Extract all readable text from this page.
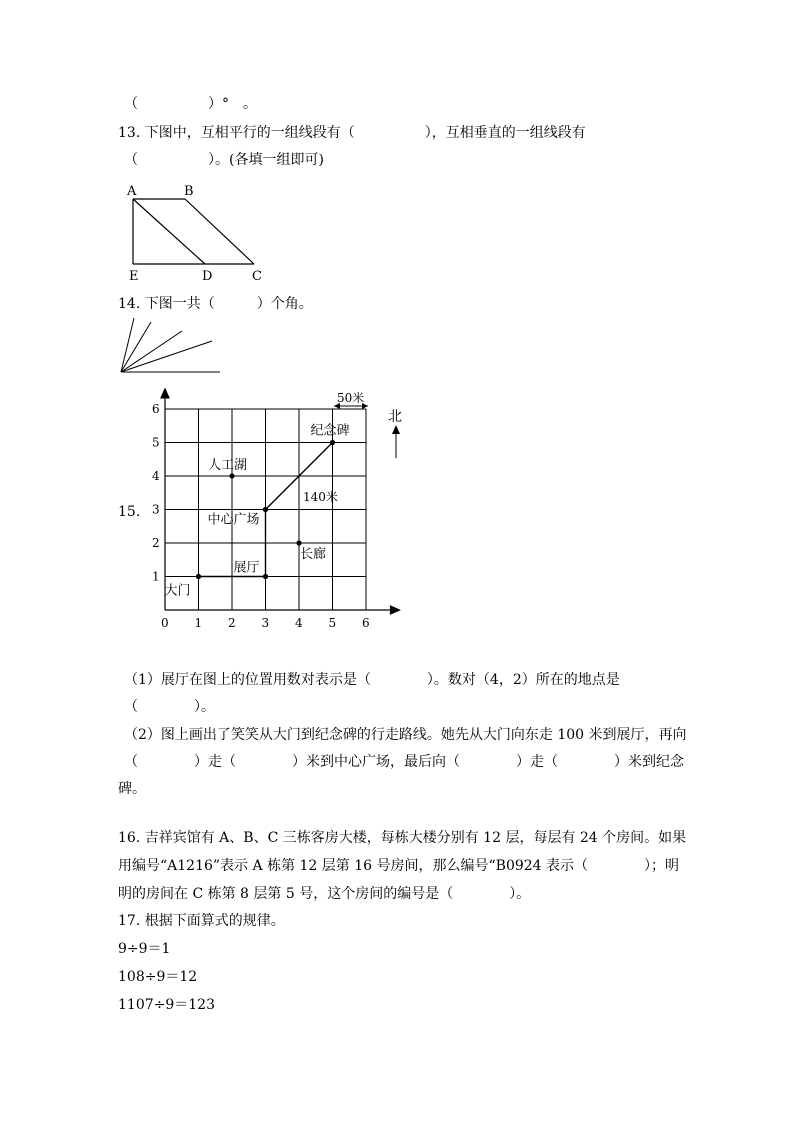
（　　　　　）°　。
13. 下图中，互相平行的一组线段有（　　　　　），互相垂直的一组线段有
（　　　　　）。(各填一组即可)
A	B
E	D	C
14. 下图一共（　　　）个角。
15.
0 1 2 3 4 5 6
1
2
3
4
5
6
大门
展厅
中心广场
人工湖
长廊
纪念碑
50米
北
140米
（1）展厅在图上的位置用数对表示是（　　　　）。数对（4，2）所在的地点是
（　　　　）。
（2）图上画出了笑笑从大门到纪念碑的行走路线。她先从大门向东走 100 米到展厅，再向
（　　　　）走（　　　　）米到中心广场，最后向（　　　　）走（　　　　）米到纪念
碑。
16. 吉祥宾馆有 A、B、C 三栋客房大楼，每栋大楼分别有 12 层，每层有 24 个房间。如果
用编号“A1216”表示 A 栋第 12 层第 16 号房间，那么编号“B0924 表示（　　　　）；明
明的房间在 C 栋第 8 层第 5 号，这个房间的编号是（　　　　）。
17. 根据下面算式的规律。
9÷9＝1
108÷9＝12
1107÷9＝123
